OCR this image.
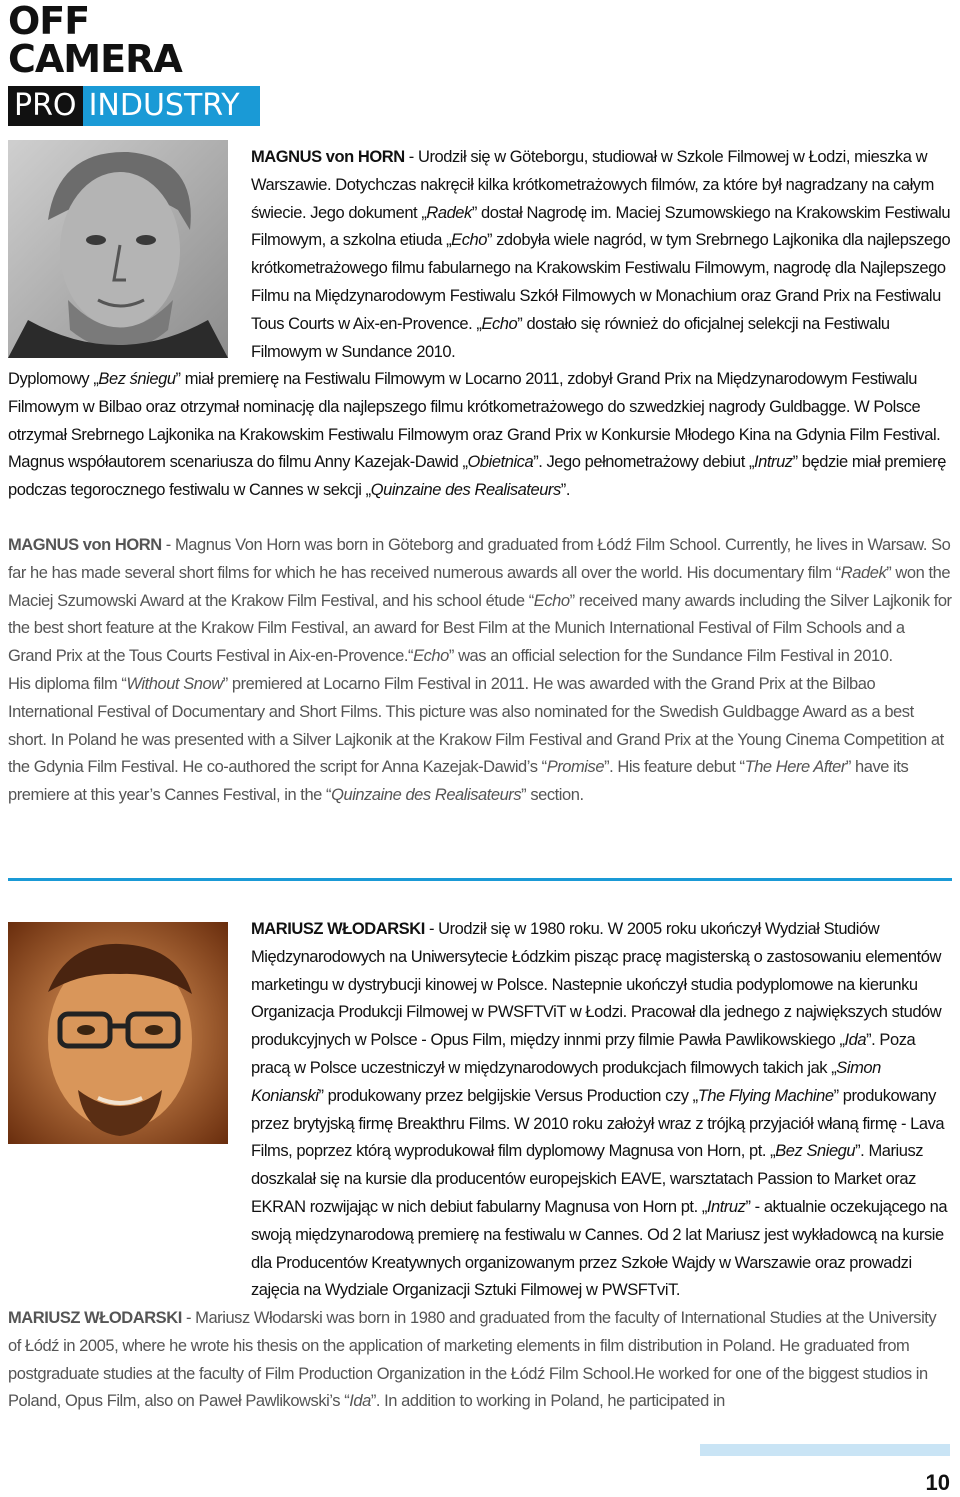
OFF CAMERA
PRO INDUSTRY

MAGNUS von HORN - Urodził się w Göteborgu, studiował w Szkole Filmowej w Łodzi, mieszka w Warszawie. Dotychczas nakręcił kilka krótkometrażowych filmów, za które był nagradzany na całym świecie. Jego dokument „Radek” dostał Nagrodę im. Maciej Szumowskiego na Krakowskim Festiwalu Filmowym, a szkolna etiuda „Echo” zdobyła wiele nagród, w tym Srebrnego Lajkonika dla najlepszego krótkometrażowego filmu fabularnego na Krakowskim Festiwalu Filmowym, nagrodę dla Najlepszego Filmu na Międzynarodowym Festiwalu Szkół Filmowych w Monachium oraz Grand Prix na Festiwalu Tous Courts w Aix-en-Provence. „Echo” dostało się również do oficjalnej selekcji na Festiwalu Filmowym w Sundance 2010.

Dyplomowy „Bez śniegu” miał premierę na Festiwalu Filmowym w Locarno 2011, zdobył Grand Prix na Międzynarodowym Festiwalu Filmowym w Bilbao oraz otrzymał nominację dla najlepszego filmu krótkometrażowego do szwedzkiej nagrody Guldbagge. W Polsce otrzymał Srebrnego Lajkonika na Krakowskim Festiwalu Filmowym oraz Grand Prix w Konkursie Młodego Kina na Gdynia Film Festival. Magnus współautorem scenariusza do filmu Anny Kazejak-Dawid „Obietnica”. Jego pełnometrażowy debiut „Intruz” będzie miał premierę podczas tegorocznego festiwalu w Cannes w sekcji „Quinzaine des Realisateurs”.

MAGNUS von HORN - Magnus Von Horn was born in Göteborg and graduated from Łódź Film School. Currently, he lives in Warsaw. So far he has made several short films for which he has received numerous awards all over the world. His documentary film “Radek” won the Maciej Szumowski Award at the Krakow Film Festival, and his school étude “Echo” received many awards including the Silver Lajkonik for the best short feature at the Krakow Film Festival, an award for Best Film at the Munich International Festival of Film Schools and a Grand Prix at the Tous Courts Festival in Aix-en-Provence.“Echo” was an official selection for the Sundance Film Festival in 2010.

His diploma film “Without Snow” premiered at Locarno Film Festival in 2011. He was awarded with the Grand Prix at the Bilbao International Festival of Documentary and Short Films. This picture was also nominated for the Swedish Guldbagge Award as a best short. In Poland he was presented with a Silver Lajkonik at the Krakow Film Festival and Grand Prix at the Young Cinema Competition at the Gdynia Film Festival. He co-authored the script for Anna Kazejak-Dawid’s “Promise”. His feature debut “The Here After” have its premiere at this year’s Cannes Festival, in the “Quinzaine des Realisateurs” section.

MARIUSZ WŁODARSKI - Urodził się w 1980 roku. W 2005 roku ukończył Wydział Studiów Międzynarodowych na Uniwersytecie Łódzkim pisząc pracę magisterską o zastosowaniu elementów marketingu w dystrybucji kinowej w Polsce. Nastepnie ukończył studia podyplomowe na kierunku Organizacja Produkcji Filmowej w PWSFTViT w Łodzi. Pracował dla jednego z największych studów produkcyjnych w Polsce - Opus Film, między innmi przy filmie Pawła Pawlikowskiego „Ida”. Poza pracą w Polsce uczestniczył w międzynarodowych produkcjach filmowych takich jak „Simon Konianski” produkowany przez belgijskie Versus Production czy „The Flying Machine” produkowany przez brytyjską firmę Breakthru Films. W 2010 roku założył wraz z trójką przyjaciół właną firmę - Lava Films, poprzez którą wyprodukował film dyplomowy Magnusa von Horn, pt. „Bez Sniegu”. Mariusz doszkalał się na kursie dla producentów europejskich EAVE, warsztatach Passion to Market oraz EKRAN rozwijając w nich debiut fabularny Magnusa von Horn pt. „Intruz” - aktualnie oczekującego na swoją międzynarodową premierę na festiwalu w Cannes. Od 2 lat Mariusz jest wykładowcą na kursie dla Producentów Kreatywnych organizowanym przez Szkołe Wajdy w Warszawie oraz prowadzi zajęcia na Wydziale Organizacji Sztuki Filmowej w PWSFTviT.

MARIUSZ WŁODARSKI - Mariusz Włodarski was born in 1980 and graduated from the faculty of International Studies at the University of Łódź in 2005, where he wrote his thesis on the application of marketing elements in film distribution in Poland. He graduated from postgraduate studies at the faculty of Film Production Organization in the Łódź Film School.He worked for one of the biggest studios in Poland, Opus Film, also on Paweł Pawlikowski’s “Ida”. In addition to working in Poland, he participated in

10
